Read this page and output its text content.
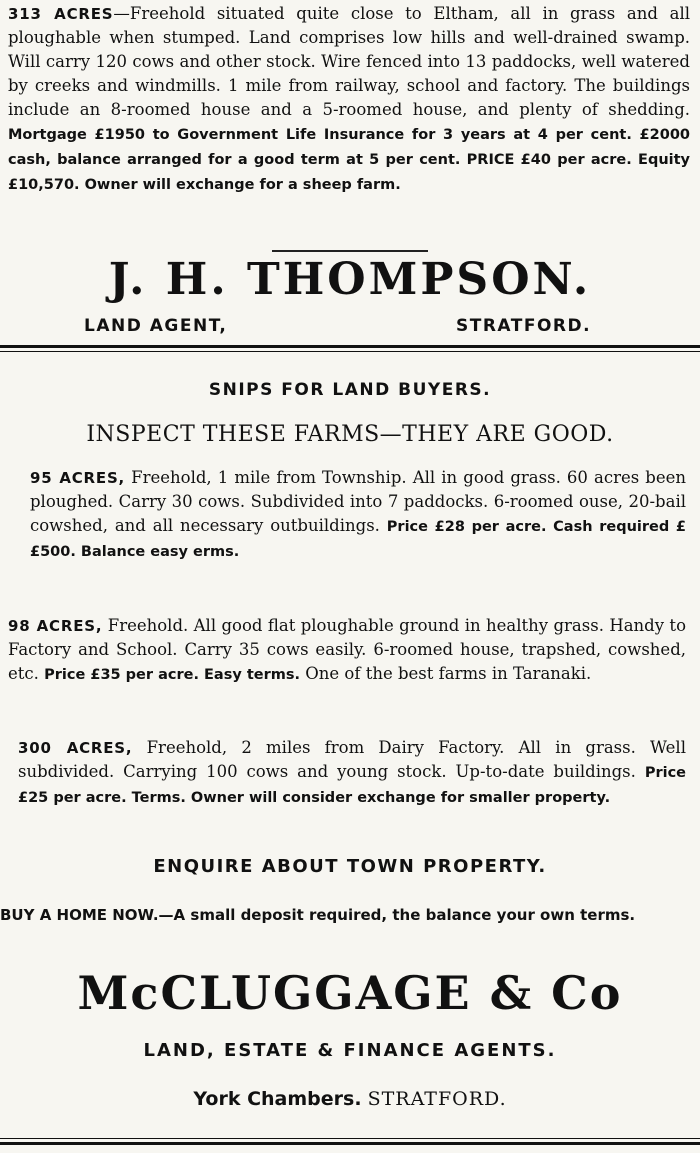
313 ACRES—Freehold situated quite close to Eltham, all in grass and all ploughable when stumped. Land comprises low hills and well-drained swamp. Will carry 120 cows and other stock. Wire fenced into 13 paddocks, well watered by creeks and windmills. 1 mile from railway, school and factory. The buildings include an 8-roomed house and a 5-roomed house, and plenty of shedding. Mortgage £1950 to Government Life Insurance for 3 years at 4 per cent. £2000 cash, balance arranged for a good term at 5 per cent. PRICE £40 per acre. Equity £10,570. Owner will exchange for a sheep farm.

J. H. THOMPSON.
LAND AGENT,	STRATFORD.
SNIPS FOR LAND BUYERS.
INSPECT THESE FARMS—THEY ARE GOOD.
95 ACRES, Freehold, 1 mile from Township. All in good grass. 60 acres been ploughed. Carry 30 cows. Subdivided into 7 paddocks. 6-roomed ouse, 20-bail cowshed, and all necessary outbuildings. Price £28 per acre. Cash required ££500. Balance easy erms.
98 ACRES, Freehold. All good flat ploughable ground in healthy grass. Handy to Factory and School. Carry 35 cows easily. 6-roomed house, trapshed, cowshed, etc. Price £35 per acre. Easy terms. One of the best farms in Taranaki.
300 ACRES, Freehold, 2 miles from Dairy Factory. All in grass. Well subdivided. Carrying 100 cows and young stock. Up-to-date buildings. Price £25 per acre. Terms. Owner will consider exchange for smaller property.
ENQUIRE ABOUT TOWN PROPERTY.
BUY A HOME NOW.—A small deposit required, the balance your own terms.
McCLUGGAGE & Co
LAND, ESTATE & FINANCE AGENTS.
York Chambers. STRATFORD.
